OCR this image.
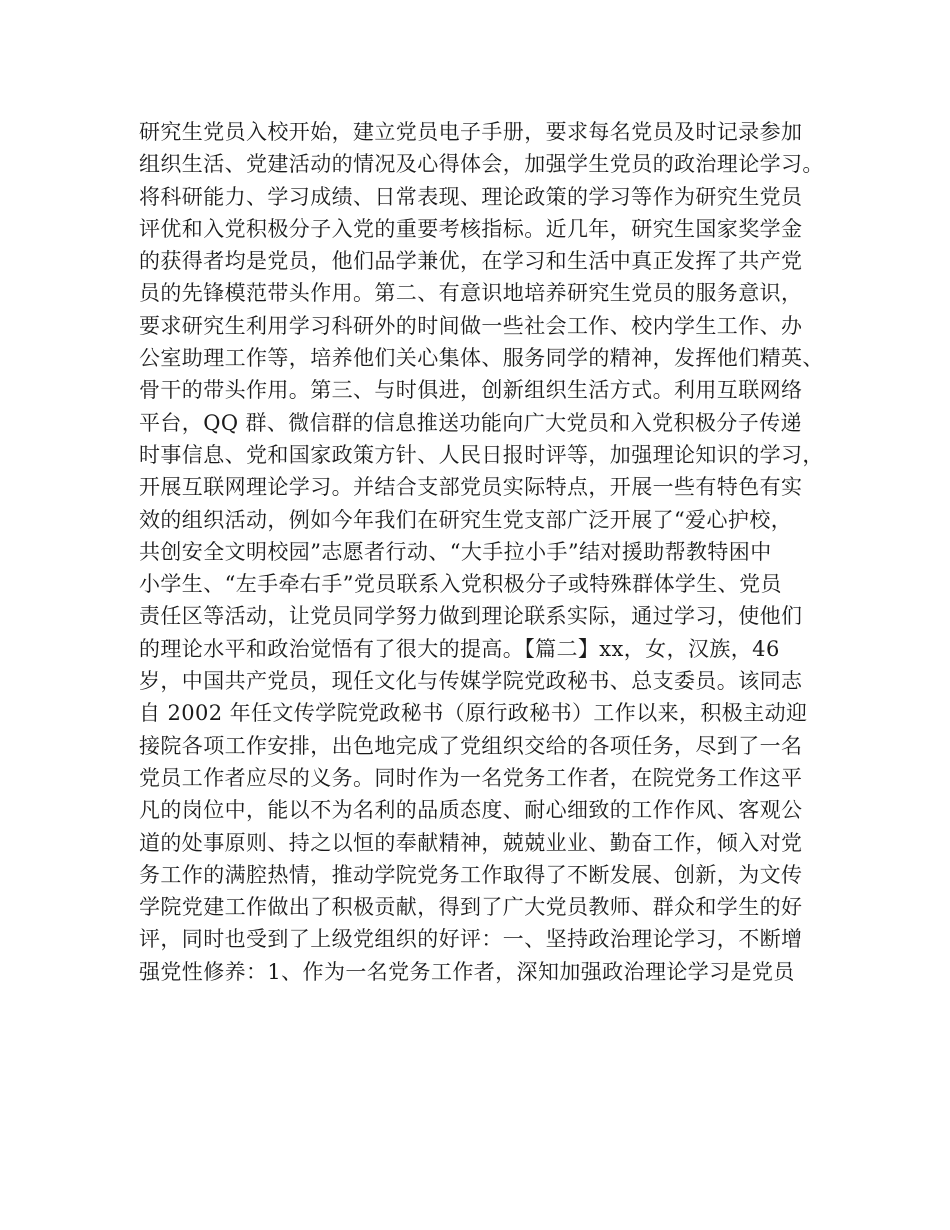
研究生党员入校开始，建立党员电子手册，要求每名党员及时记录参加
组织生活、党建活动的情况及心得体会，加强学生党员的政治理论学习。
将科研能力、学习成绩、日常表现、理论政策的学习等作为研究生党员
评优和入党积极分子入党的重要考核指标。近几年，研究生国家奖学金
的获得者均是党员，他们品学兼优，在学习和生活中真正发挥了共产党
员的先锋模范带头作用。第二、有意识地培养研究生党员的服务意识，
要求研究生利用学习科研外的时间做一些社会工作、校内学生工作、办
公室助理工作等，培养他们关心集体、服务同学的精神，发挥他们精英、
骨干的带头作用。第三、与时俱进，创新组织生活方式。利用互联网络
平台，QQ 群、微信群的信息推送功能向广大党员和入党积极分子传递
时事信息、党和国家政策方针、人民日报时评等，加强理论知识的学习，
开展互联网理论学习。并结合支部党员实际特点，开展一些有特色有实
效的组织活动，例如今年我们在研究生党支部广泛开展了“爱心护校，
共创安全文明校园”志愿者行动、“大手拉小手”结对援助帮教特困中
小学生、“左手牵右手”党员联系入党积极分子或特殊群体学生、党员
责任区等活动，让党员同学努力做到理论联系实际，通过学习，使他们
的理论水平和政治觉悟有了很大的提高。【篇二】xx，女，汉族，46
岁，中国共产党员，现任文化与传媒学院党政秘书、总支委员。该同志
自 2002 年任文传学院党政秘书（原行政秘书）工作以来，积极主动迎
接院各项工作安排，出色地完成了党组织交给的各项任务，尽到了一名
党员工作者应尽的义务。同时作为一名党务工作者，在院党务工作这平
凡的岗位中，能以不为名利的品质态度、耐心细致的工作作风、客观公
道的处事原则、持之以恒的奉献精神，兢兢业业、勤奋工作，倾入对党
务工作的满腔热情，推动学院党务工作取得了不断发展、创新，为文传
学院党建工作做出了积极贡献，得到了广大党员教师、群众和学生的好
评，同时也受到了上级党组织的好评：一、坚持政治理论学习，不断增
强党性修养：1、作为一名党务工作者，深知加强政治理论学习是党员
